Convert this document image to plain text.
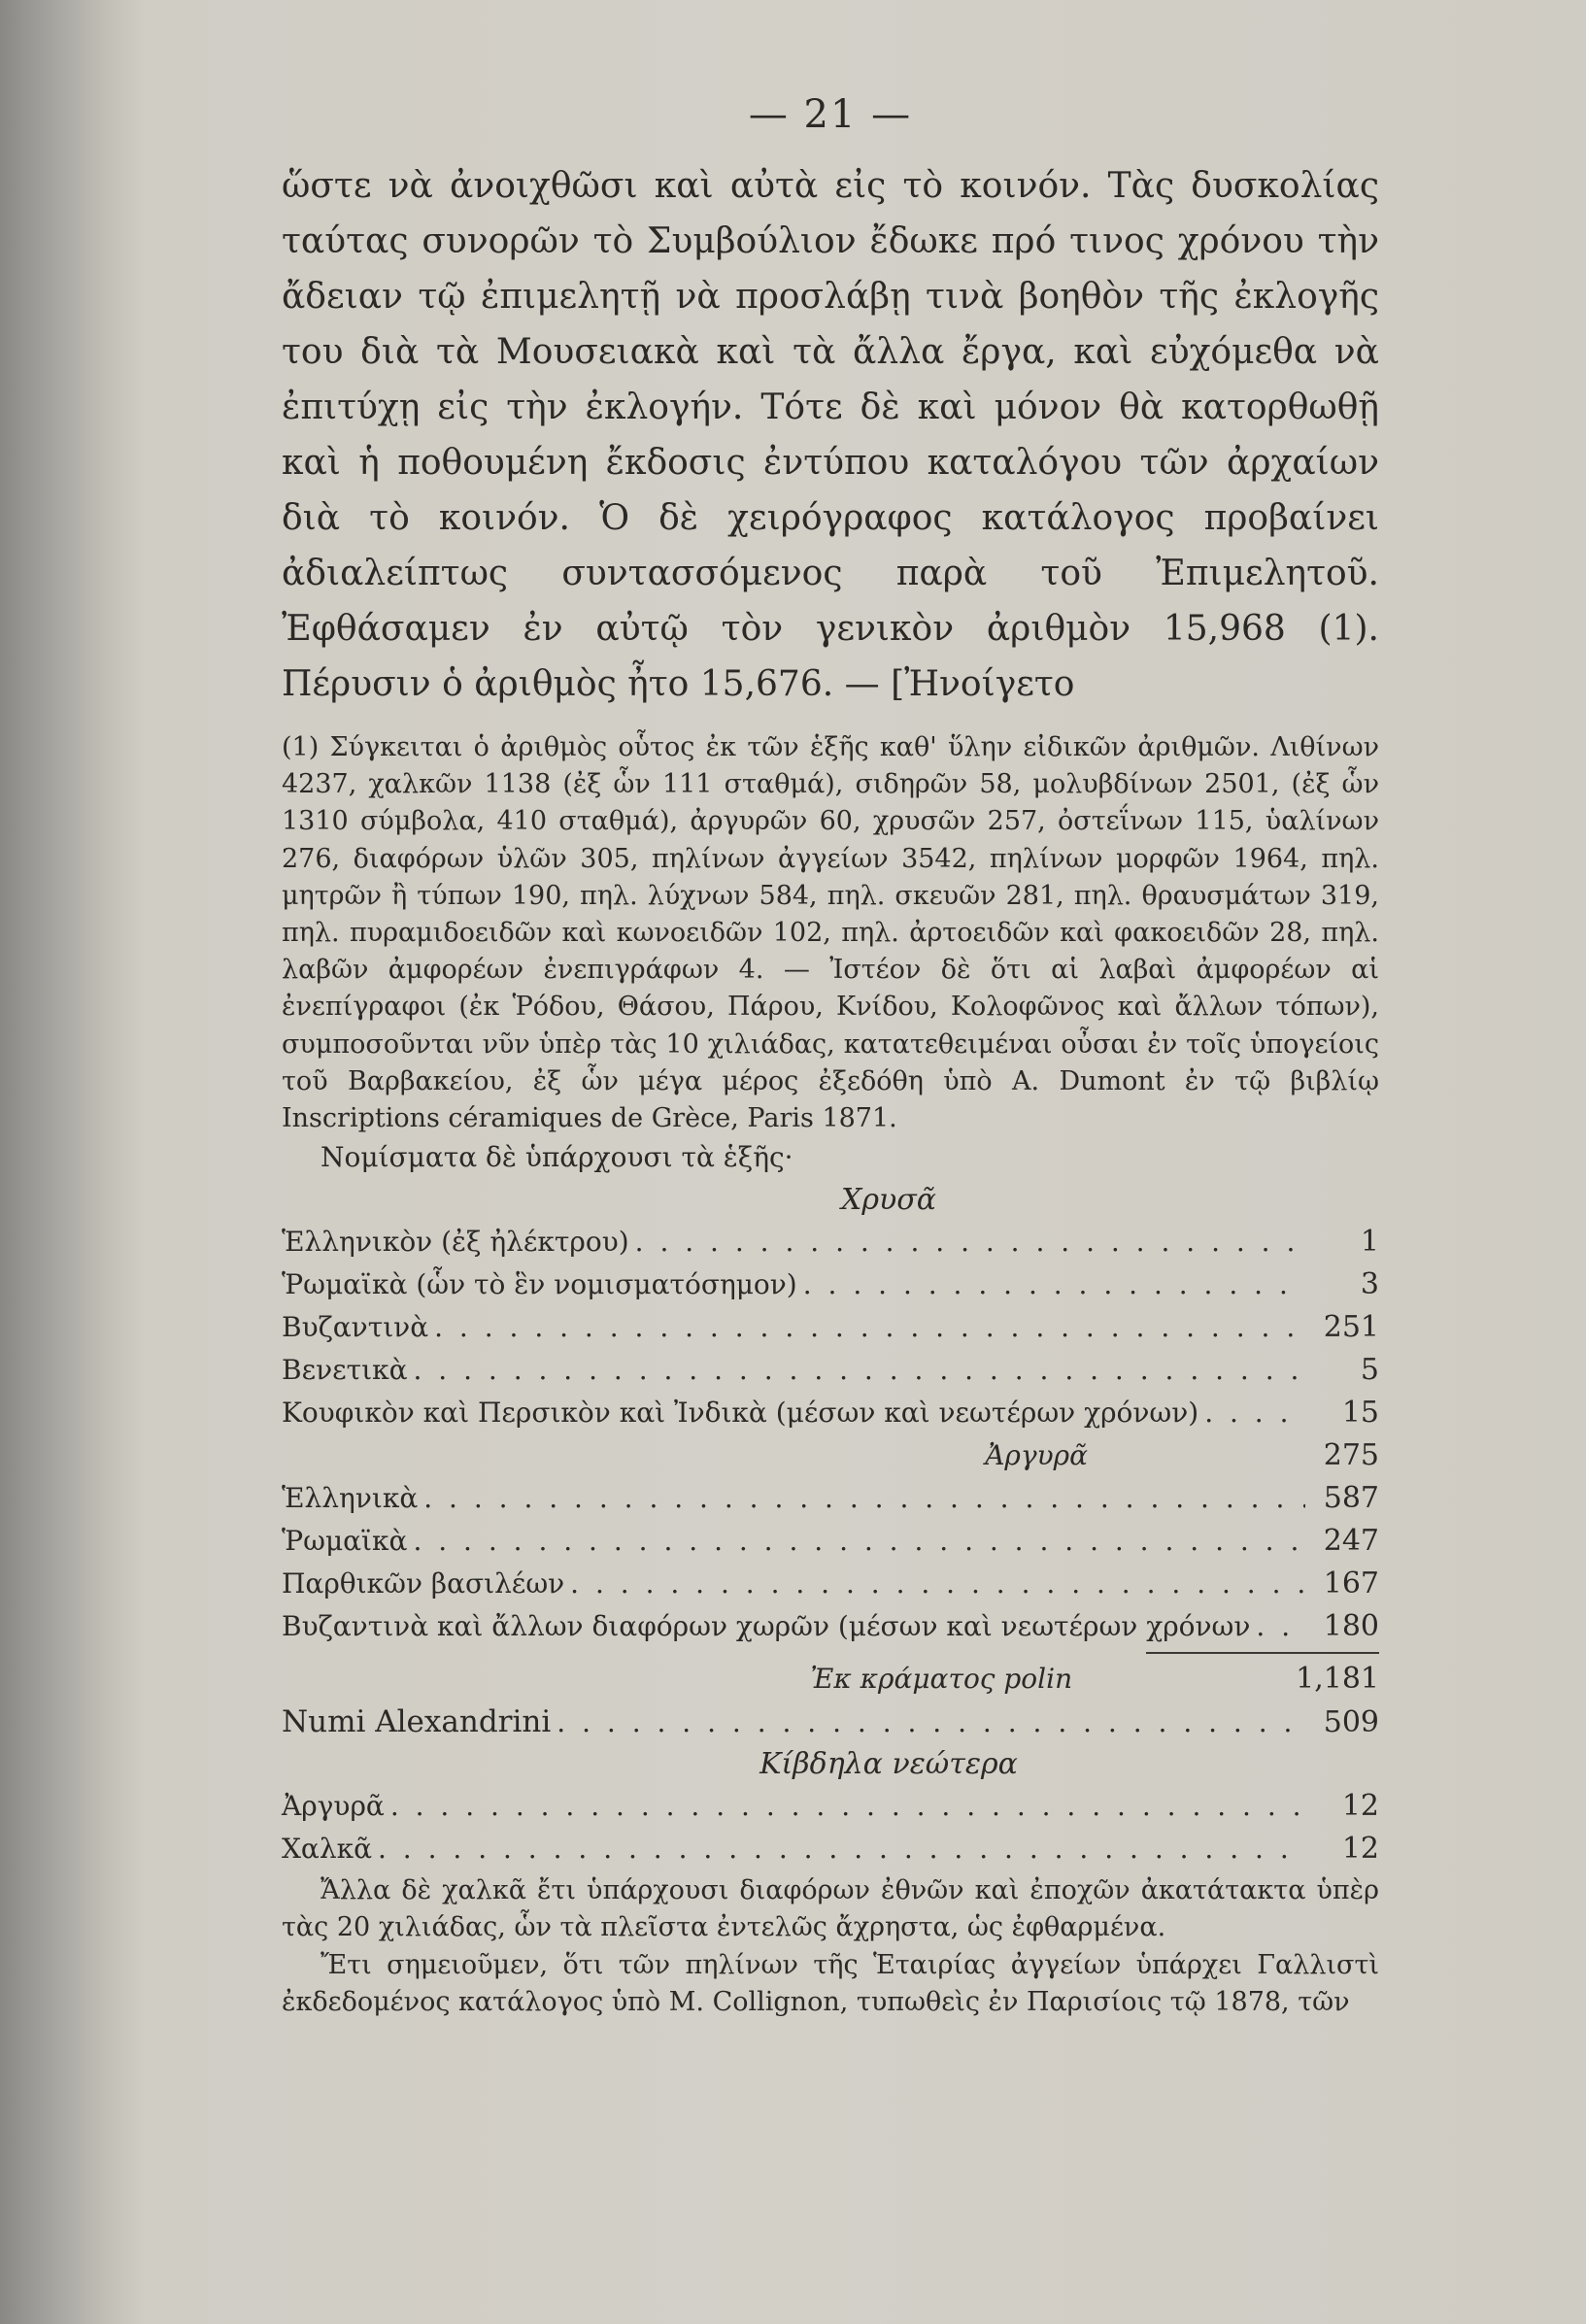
— 21 —

ὥστε νὰ ἀνοιχθῶσι καὶ αὐτὰ εἰς τὸ κοινόν. Τὰς δυσκολίας ταύτας συνορῶν τὸ Συμβούλιον ἔδωκε πρό τινος χρόνου τὴν ἄδειαν τῷ ἐπιμελητῇ νὰ προσλάβῃ τινὰ βοηθὸν τῆς ἐκλογῆς του διὰ τὰ Μουσειακὰ καὶ τὰ ἄλλα ἔργα, καὶ εὐχόμεθα νὰ ἐπιτύχῃ εἰς τὴν ἐκλογήν. Τότε δὲ καὶ μόνον θὰ κατορθωθῇ καὶ ἡ ποθουμένη ἔκδοσις ἐντύπου καταλόγου τῶν ἀρχαίων διὰ τὸ κοινόν. Ὁ δὲ χειρόγραφος κατάλογος προβαίνει ἀδιαλείπτως συντασσόμενος παρὰ τοῦ Ἐπιμελητοῦ. Ἐφθάσαμεν ἐν αὐτῷ τὸν γενικὸν ἀριθμὸν 15,968 (1). Πέρυσιν ὁ ἀριθμὸς ἦτο 15,676. — [Ἠνοίγετο

(1) Σύγκειται ὁ ἀριθμὸς οὗτος ἐκ τῶν ἑξῆς καθ' ὕλην εἰδικῶν ἀριθμῶν. Λιθίνων 4237, χαλκῶν 1138 (ἐξ ὧν 111 σταθμά), σιδηρῶν 58, μολυβδίνων 2501, (ἐξ ὧν 1310 σύμβολα, 410 σταθμά), ἀργυρῶν 60, χρυσῶν 257, ὀστεΐνων 115, ὑαλίνων 276, διαφόρων ὑλῶν 305, πηλίνων ἀγγείων 3542, πηλίνων μορφῶν 1964, πηλ. μητρῶν ἢ τύπων 190, πηλ. λύχνων 584, πηλ. σκευῶν 281, πηλ. θραυσμάτων 319, πηλ. πυραμιδοειδῶν καὶ κωνοειδῶν 102, πηλ. ἀρτοειδῶν καὶ φακοειδῶν 28, πηλ. λαβῶν ἀμφορέων ἐνεπιγράφων 4. — Ἰστέον δὲ ὅτι αἱ λαβαὶ ἀμφορέων αἱ ἐνεπίγραφοι (ἐκ Ῥόδου, Θάσου, Πάρου, Κνίδου, Κολοφῶνος καὶ ἄλλων τόπων), συμποσοῦνται νῦν ὑπὲρ τὰς 10 χιλιάδας, κατατεθειμέναι οὖσαι ἐν τοῖς ὑπογείοις τοῦ Βαρβακείου, ἐξ ὧν μέγα μέρος ἐξεδόθη ὑπὸ A. Dumont ἐν τῷ βιβλίῳ Inscriptions céramiques de Grèce, Paris 1871.

Νομίσματα δὲ ὑπάρχουσι τὰ ἑξῆς·
Χρυσᾶ
Ἑλληνικὸν (ἐξ ἠλέκτρου) . . .	1
Ῥωμαϊκὰ (ὧν τὸ ἓν νομισματόσημον) . . .	3
Βυζαντινὰ . . .	251
Βενετικὰ . . .	5
Κουφικὸν καὶ Περσικὸν καὶ Ἰνδικὰ (μέσων καὶ νεωτέρων χρόνων) . . .	15
Ἀργυρᾶ	275
Ἑλληνικὰ . . .	587
Ῥωμαϊκὰ . . .	247
Παρθικῶν βασιλέων . . .	167
Βυζαντινὰ καὶ ἄλλων διαφόρων χωρῶν (μέσων καὶ νεωτέρων χρόνων . . .	180
Ἐκ κράματος polin	1,181
Numi Alexandrini . . .	509
Κίβδηλα νεώτερα
Ἀργυρᾶ . . .	12
Χαλκᾶ . . .	12

Ἄλλα δὲ χαλκᾶ ἔτι ὑπάρχουσι διαφόρων ἐθνῶν καὶ ἐποχῶν ἀκατάτακτα ὑπὲρ τὰς 20 χιλιάδας, ὧν τὰ πλεῖστα ἐντελῶς ἄχρηστα, ὡς ἐφθαρμένα.

Ἔτι σημειοῦμεν, ὅτι τῶν πηλίνων τῆς Ἑταιρίας ἀγγείων ὑπάρχει Γαλλιστὶ ἐκδεδομένος κατάλογος ὑπὸ M. Collignon, τυπωθεὶς ἐν Παρισίοις τῷ 1878, τῶν
